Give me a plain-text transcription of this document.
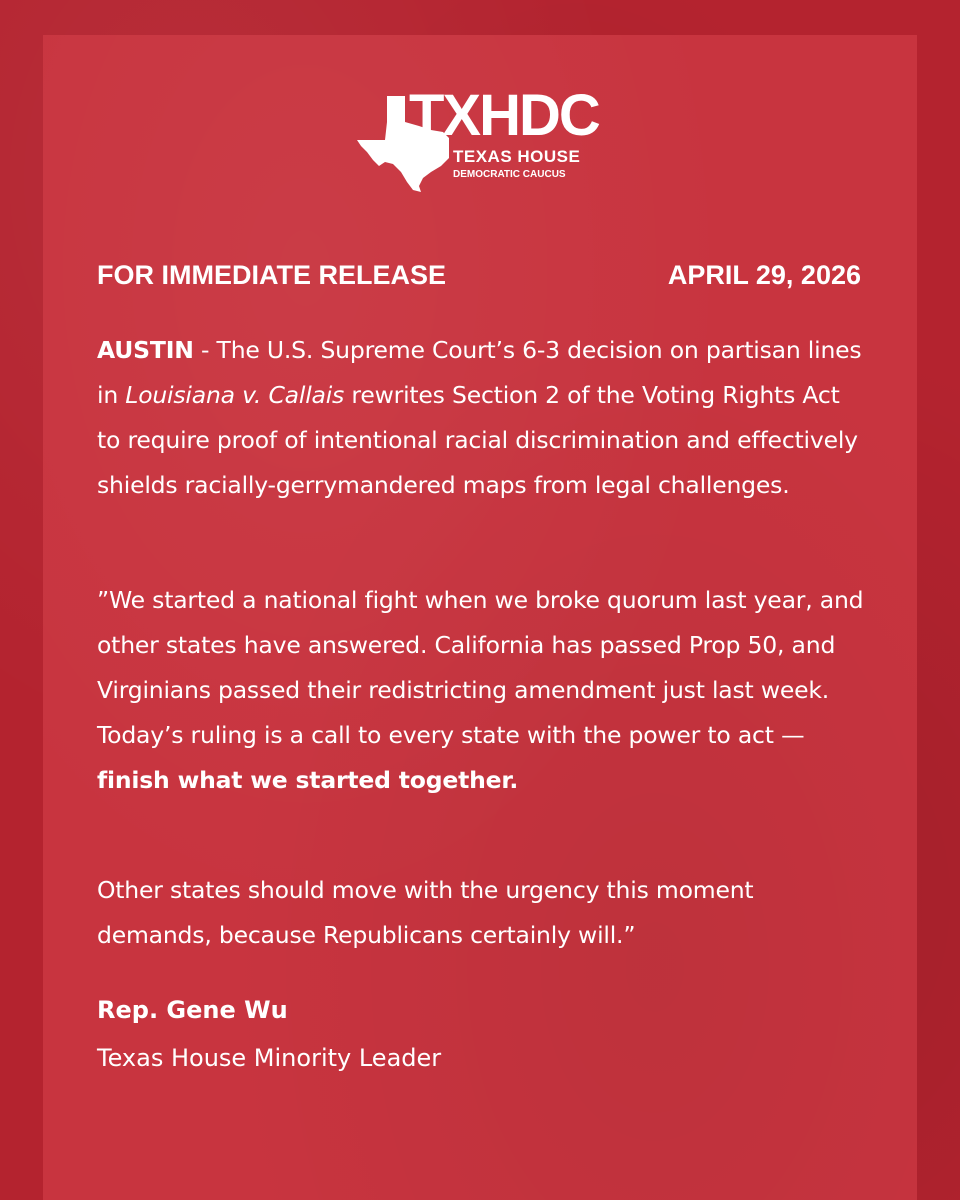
TXHDC
TEXAS HOUSE
DEMOCRATIC CAUCUS
FOR IMMEDIATE RELEASE	APRIL 29, 2026
AUSTIN - The U.S. Supreme Court’s 6-3 decision on partisan lines in Louisiana v. Callais rewrites Section 2 of the Voting Rights Act to require proof of intentional racial discrimination and effectively shields racially-gerrymandered maps from legal challenges.
”We started a national fight when we broke quorum last year, and other states have answered. California has passed Prop 50, and Virginians passed their redistricting amendment just last week. Today’s ruling is a call to every state with the power to act — finish what we started together.
Other states should move with the urgency this moment demands, because Republicans certainly will.”
Rep. Gene Wu
Texas House Minority Leader
